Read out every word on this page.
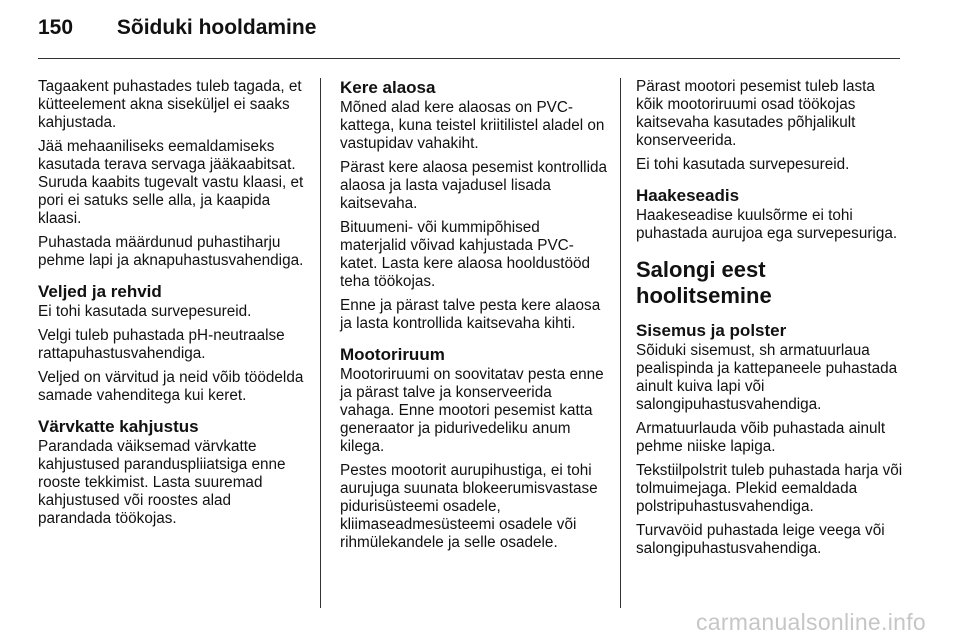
150 Sõiduki hooldamine

Tagaakent puhastades tuleb tagada, et kütteelement akna siseküljel ei saaks kahjustada.

Jää mehaaniliseks eemaldamiseks kasutada terava servaga jääkaabitsat. Suruda kaabits tugevalt vastu klaasi, et pori ei satuks selle alla, ja kaapida klaasi.

Puhastada määrdunud puhastiharju pehme lapi ja aknapuhastusvahendiga.

Veljed ja rehvid

Ei tohi kasutada survepesureid.

Velgi tuleb puhastada pH-neutraalse rattapuhastusvahendiga.

Veljed on värvitud ja neid võib töödelda samade vahenditega kui keret.

Värvkatte kahjustus

Parandada väiksemad värvkatte kahjustused paranduspliiatsiga enne rooste tekkimist. Lasta suuremad kahjustused või roostes alad parandada töökojas.

Kere alaosa

Mõned alad kere alaosas on PVC-kattega, kuna teistel kriitilistel aladel on vastupidav vahakiht.

Pärast kere alaosa pesemist kontrollida alaosa ja lasta vajadusel lisada kaitsevaha.

Bituumeni- või kummipõhised materjalid võivad kahjustada PVC-katet. Lasta kere alaosa hooldustööd teha töökojas.

Enne ja pärast talve pesta kere alaosa ja lasta kontrollida kaitsevaha kihti.

Mootoriruum

Mootoriruumi on soovitatav pesta enne ja pärast talve ja konserveerida vahaga. Enne mootori pesemist katta generaator ja pidurivedeliku anum kilega.

Pestes mootorit aurupihustiga, ei tohi aurujuga suunata blokeerumisvastase pidurisüsteemi osadele, kliimaseadmesüsteemi osadele või rihmülekandele ja selle osadele.

Pärast mootori pesemist tuleb lasta kõik mootoriruumi osad töökojas kaitsevaha kasutades põhjalikult konserveerida.

Ei tohi kasutada survepesureid.

Haakeseadis

Haakeseadise kuulsõrme ei tohi puhastada aurujoa ega survepesuriga.

Salongi eest hoolitsemine
Sisemus ja polster

Sõiduki sisemust, sh armatuurlaua pealispinda ja kattepaneele puhastada ainult kuiva lapi või salongipuhastusvahendiga.

Armatuurlauda võib puhastada ainult pehme niiske lapiga.

Tekstiilpolstrit tuleb puhastada harja või tolmuimejaga. Plekid eemaldada polstripuhastusvahendiga.

Turvavöid puhastada leige veega või salongipuhastusvahendiga.

carmanualsonline.info
